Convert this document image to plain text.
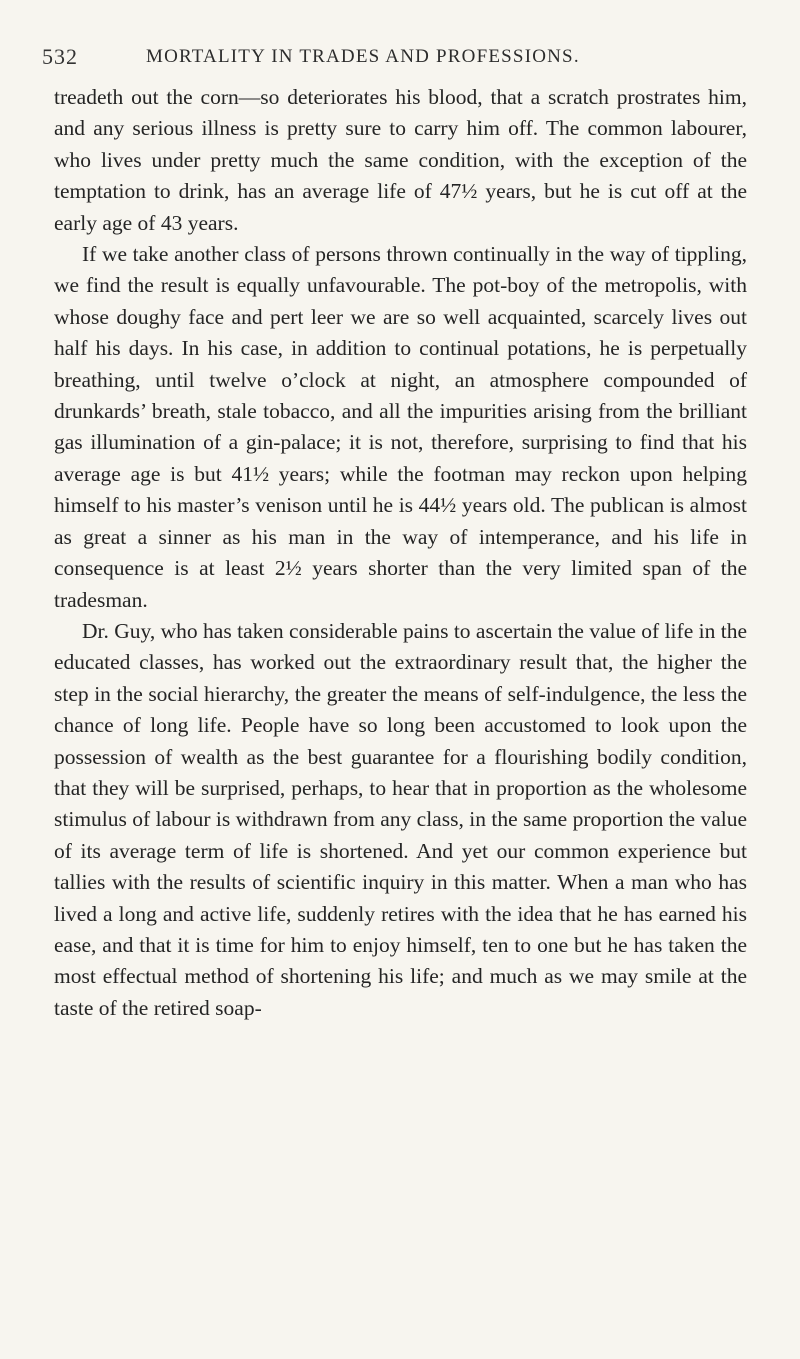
532	MORTALITY IN TRADES AND PROFESSIONS.

treadeth out the corn—so deteriorates his blood, that a scratch prostrates him, and any serious illness is pretty sure to carry him off. The common labourer, who lives under pretty much the same condition, with the exception of the temptation to drink, has an average life of 47½ years, but he is cut off at the early age of 43 years.

If we take another class of persons thrown continually in the way of tippling, we find the result is equally unfavourable. The pot-boy of the metropolis, with whose doughy face and pert leer we are so well acquainted, scarcely lives out half his days. In his case, in addition to continual potations, he is perpetually breathing, until twelve o’clock at night, an atmosphere compounded of drunkards’ breath, stale tobacco, and all the impurities arising from the brilliant gas illumination of a gin-palace; it is not, therefore, surprising to find that his average age is but 41½ years; while the footman may reckon upon helping himself to his master’s venison until he is 44½ years old. The publican is almost as great a sinner as his man in the way of intemperance, and his life in consequence is at least 2½ years shorter than the very limited span of the tradesman.

Dr. Guy, who has taken considerable pains to ascertain the value of life in the educated classes, has worked out the extraordinary result that, the higher the step in the social hierarchy, the greater the means of self-indulgence, the less the chance of long life. People have so long been accustomed to look upon the possession of wealth as the best guarantee for a flourishing bodily condition, that they will be surprised, perhaps, to hear that in proportion as the wholesome stimulus of labour is withdrawn from any class, in the same proportion the value of its average term of life is shortened. And yet our common experience but tallies with the results of scientific inquiry in this matter. When a man who has lived a long and active life, suddenly retires with the idea that he has earned his ease, and that it is time for him to enjoy himself, ten to one but he has taken the most effectual method of shortening his life; and much as we may smile at the taste of the retired soap-
